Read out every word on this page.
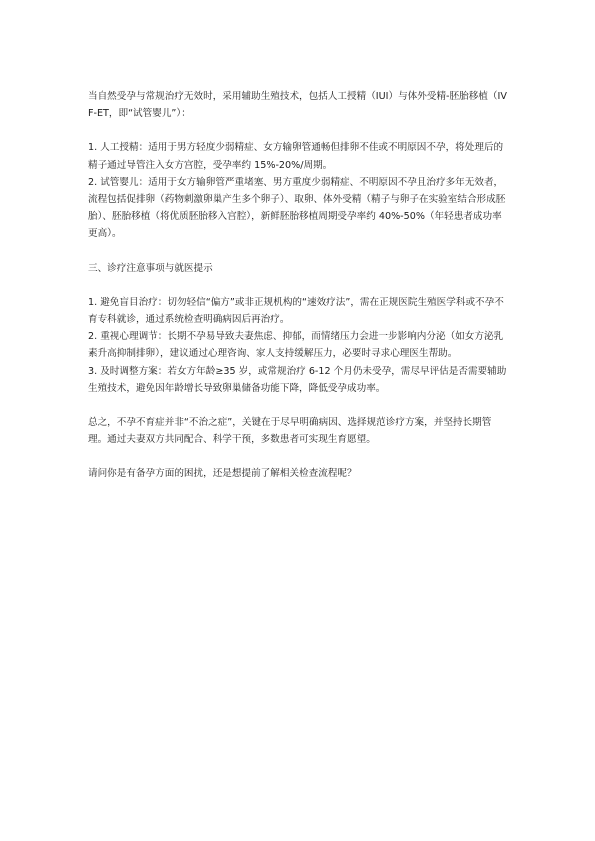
当自然受孕与常规治疗无效时，采用辅助生殖技术，包括人工授精（IUI）与体外受精-胚胎移植（IVF-ET，即“试管婴儿”）：

1. 人工授精：适用于男方轻度少弱精症、女方输卵管通畅但排卵不佳或不明原因不孕，将处理后的精子通过导管注入女方宫腔，受孕率约 15%-20%/周期。

2. 试管婴儿：适用于女方输卵管严重堵塞、男方重度少弱精症、不明原因不孕且治疗多年无效者，流程包括促排卵（药物刺激卵巢产生多个卵子）、取卵、体外受精（精子与卵子在实验室结合形成胚胎）、胚胎移植（将优质胚胎移入宫腔），新鲜胚胎移植周期受孕率约 40%-50%（年轻患者成功率更高）。

三、诊疗注意事项与就医提示

1. 避免盲目治疗：切勿轻信“偏方”或非正规机构的“速效疗法”，需在正规医院生殖医学科或不孕不育专科就诊，通过系统检查明确病因后再治疗。

2. 重视心理调节：长期不孕易导致夫妻焦虑、抑郁，而情绪压力会进一步影响内分泌（如女方泌乳素升高抑制排卵），建议通过心理咨询、家人支持缓解压力，必要时寻求心理医生帮助。

3. 及时调整方案：若女方年龄≥35 岁，或常规治疗 6-12 个月仍未受孕，需尽早评估是否需要辅助生殖技术，避免因年龄增长导致卵巢储备功能下降，降低受孕成功率。

总之，不孕不育症并非“不治之症”，关键在于尽早明确病因、选择规范诊疗方案，并坚持长期管理。通过夫妻双方共同配合、科学干预，多数患者可实现生育愿望。

请问你是有备孕方面的困扰，还是想提前了解相关检查流程呢？
